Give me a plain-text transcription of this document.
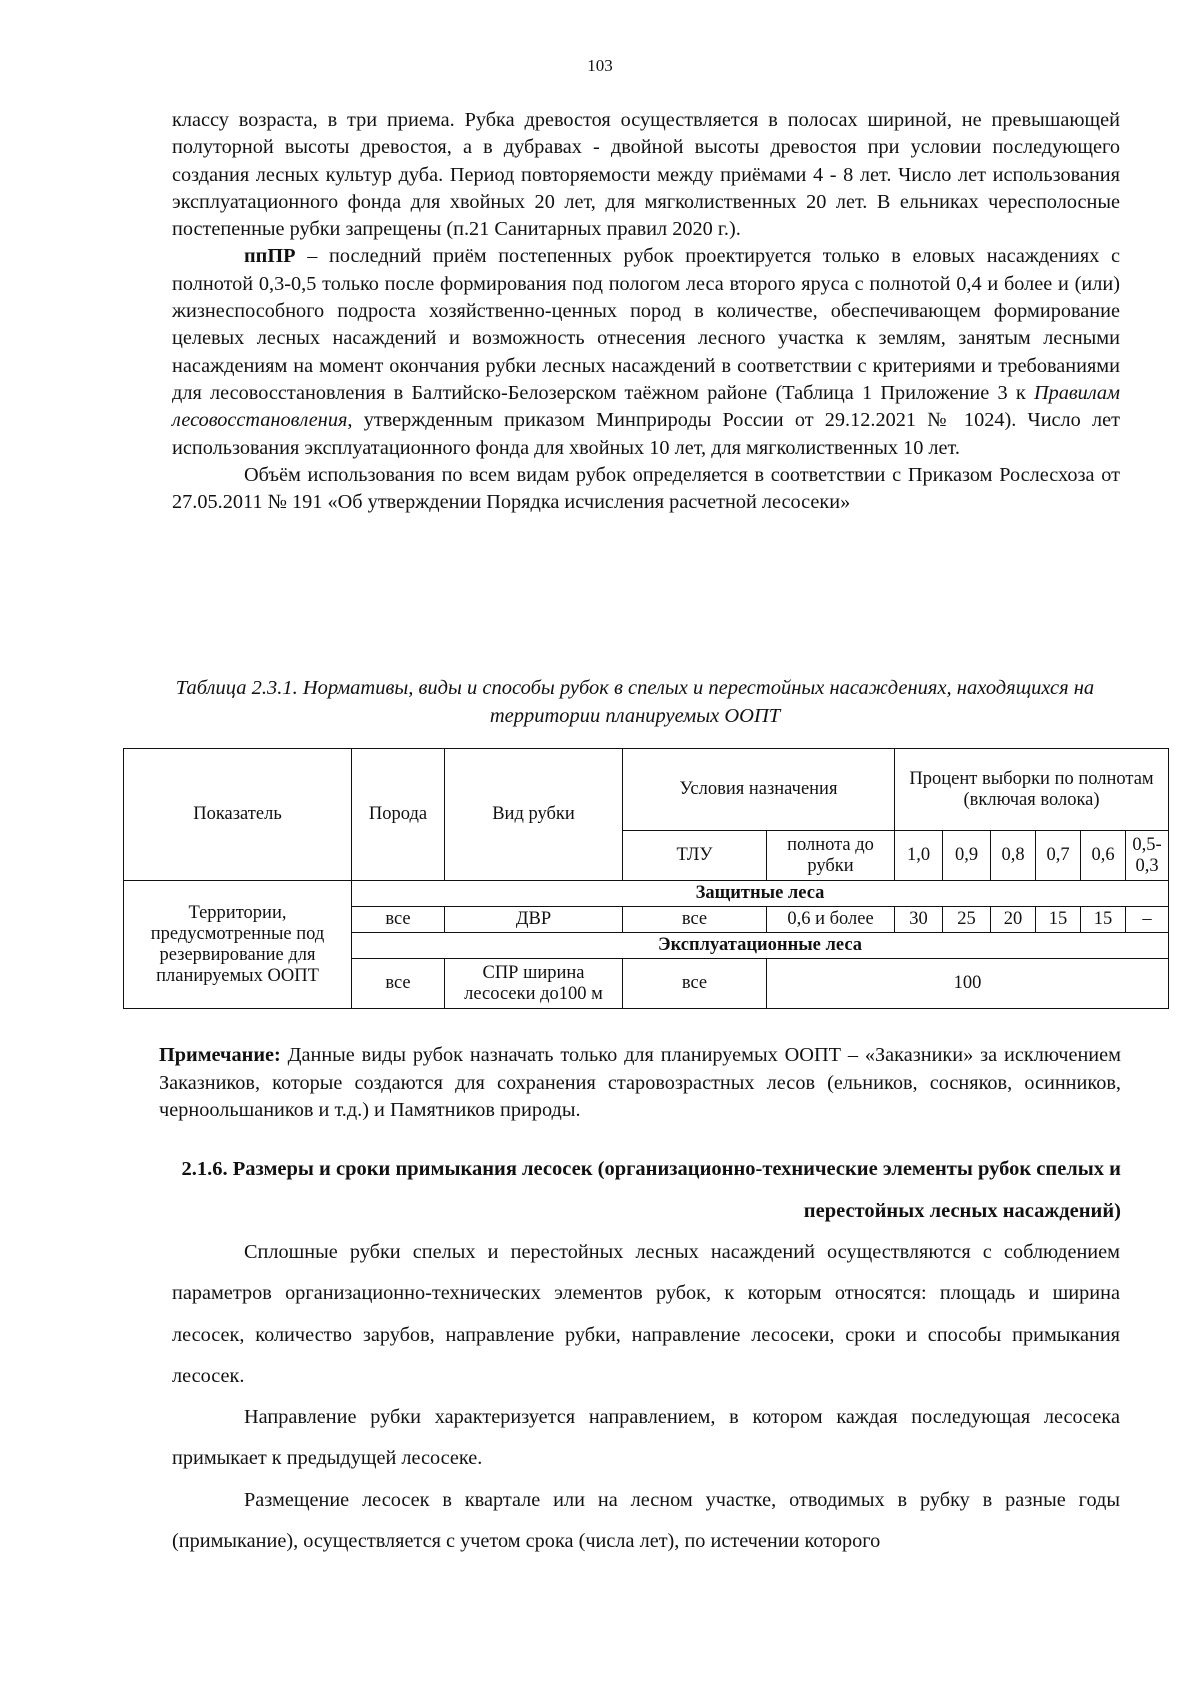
103

классу возраста, в три приема. Рубка древостоя осуществляется в полосах шириной, не превышающей полуторной высоты древостоя, а в дубравах - двойной высоты древостоя при условии последующего создания лесных культур дуба. Период повторяемости между приёмами 4 - 8 лет. Число лет использования эксплуатационного фонда для хвойных 20 лет, для мягколиственных 20 лет. В ельниках чересполосные постепенные рубки запрещены (п.21 Санитарных правил 2020 г.).

ппПР – последний приём постепенных рубок проектируется только в еловых насаждениях с полнотой 0,3-0,5 только после формирования под пологом леса второго яруса с полнотой 0,4 и более и (или) жизнеспособного подроста хозяйственно-ценных пород в количестве, обеспечивающем формирование целевых лесных насаждений и возможность отнесения лесного участка к землям, занятым лесными насаждениям на момент окончания рубки лесных насаждений в соответствии с критериями и требованиями для лесовосстановления в Балтийско-Белозерском таёжном районе (Таблица 1 Приложение 3 к Правилам лесовосстановления, утвержденным приказом Минприроды России от 29.12.2021 № 1024). Число лет использования эксплуатационного фонда для хвойных 10 лет, для мягколиственных 10 лет.

Объём использования по всем видам рубок определяется в соответствии с Приказом Рослесхоза от 27.05.2011 № 191 «Об утверждении Порядка исчисления расчетной лесосеки»

Таблица 2.3.1. Нормативы, виды и способы рубок в спелых и перестойных насаждениях, находящихся на территории планируемых ООПТ
Показатель	Порода	Вид рубки	Условия назначения		Процент выборки по полнотам (включая волока)					
			ТЛУ	полнота до рубки	1,0	0,9	0,8	0,7	0,6	0,5-0,3
Территории, предусмотренные под резервирование для планируемых ООПТ	Защитные леса									
	все	ДВР	все	0,6 и более	30	25	20	15	15	–
	Эксплуатационные леса									
	все	СПР ширина лесосеки до100 м	все	100						
Примечание: Данные виды рубок назначать только для планируемых ООПТ – «Заказники» за исключением Заказников, которые создаются для сохранения старовозрастных лесов (ельников, сосняков, осинников, черноольшаников и т.д.) и Памятников природы.
2.1.6. Размеры и сроки примыкания лесосек (организационно-технические элементы рубок спелых и перестойных лесных насаждений)

Сплошные рубки спелых и перестойных лесных насаждений осуществляются с соблюдением параметров организационно-технических элементов рубок, к которым относятся: площадь и ширина лесосек, количество зарубов, направление рубки, направление лесосеки, сроки и способы примыкания лесосек.

Направление рубки характеризуется направлением, в котором каждая последующая лесосека примыкает к предыдущей лесосеке.

Размещение лесосек в квартале или на лесном участке, отводимых в рубку в разные годы (примыкание), осуществляется с учетом срока (числа лет), по истечении которого
